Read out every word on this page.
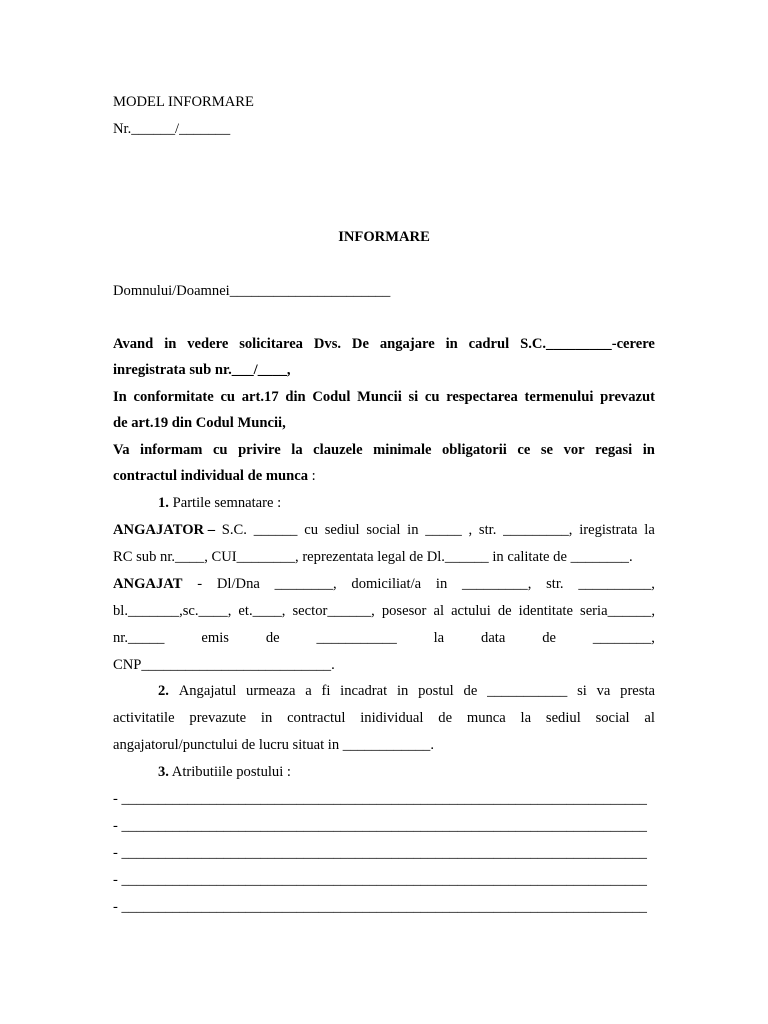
MODEL INFORMARE
Nr.______/_______
INFORMARE
Domnului/Doamnei______________________
Avand in vedere solicitarea Dvs. De angajare in cadrul S.C._________-cerere
inregistrata sub nr.___/____,
In conformitate cu art.17 din Codul Muncii si cu respectarea termenului prevazut
de art.19 din Codul Muncii,
Va informam cu privire la clauzele minimale obligatorii ce se vor regasi in
contractul individual de munca :
1. Partile semnatare :
ANGAJATOR – S.C. ______ cu sediul social in _____ , str. _________, iregistrata la
RC sub nr.____, CUI________, reprezentata legal de Dl.______ in calitate de ________.
ANGAJAT - Dl/Dna ________, domiciliat/a in _________, str. __________,
bl._______,sc.____, et.____, sector______, posesor al actului de identitate seria______,
nr._____	emis	de	___________	la	data	de	________,
CNP__________________________.
2. Angajatul urmeaza a fi incadrat in postul de ___________ si va presta
activitatile prevazute in contractul inidividual de munca la sediul social al
angajatorul/punctului de lucru situat in ____________.
3. Atributiile postului :
- ________________________________________________________________________
- ________________________________________________________________________
- ________________________________________________________________________
- ________________________________________________________________________
- ________________________________________________________________________
